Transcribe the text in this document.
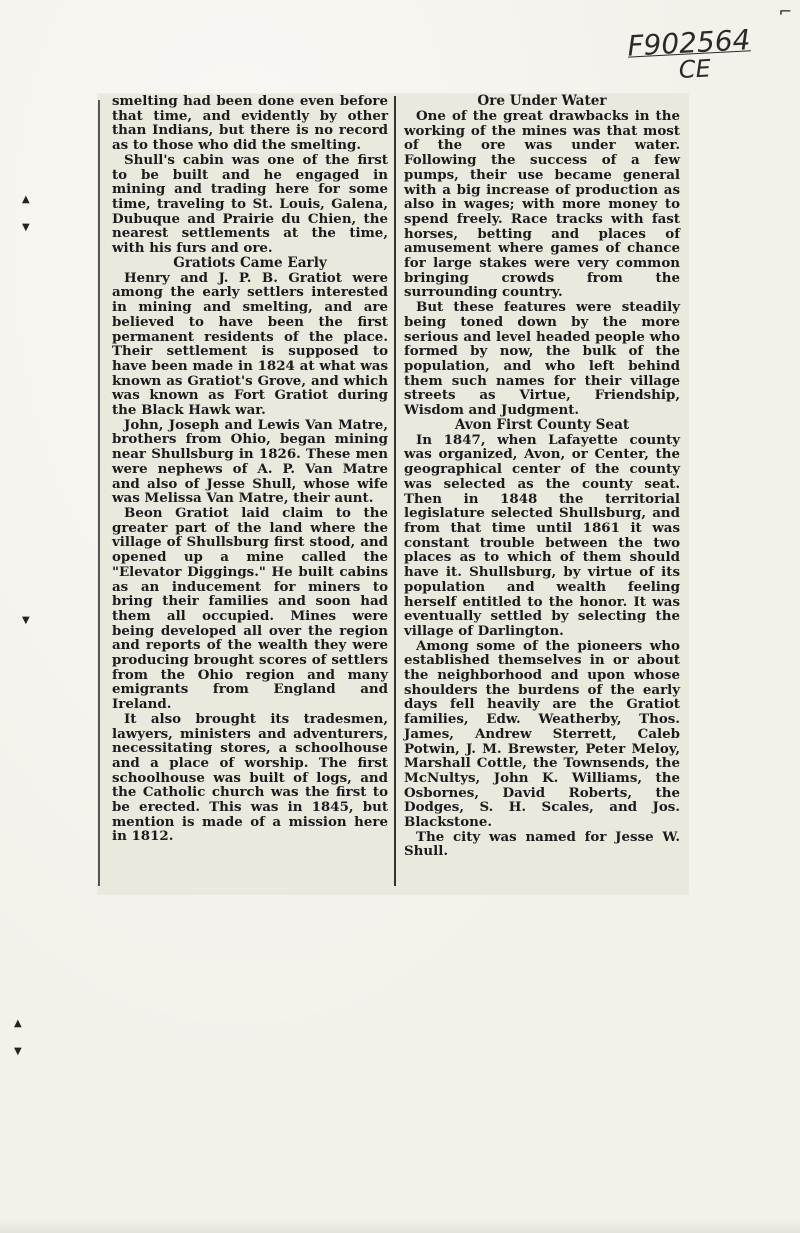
⌐
F902564
CE
▲
▼
▼
▲
▼

smelting had been done even before that time, and evidently by other than Indians, but there is no record as to those who did the smelting.

Shull's cabin was one of the first to be built and he engaged in mining and trading here for some time, traveling to St. Louis, Galena, Dubuque and Prairie du Chien, the nearest settlements at the time, with his furs and ore.

Gratiots Came Early

Henry and J. P. B. Gratiot were among the early settlers interested in mining and smelting, and are believed to have been the first permanent residents of the place. Their settlement is supposed to have been made in 1824 at what was known as Gratiot's Grove, and which was known as Fort Gratiot during the Black Hawk war.

John, Joseph and Lewis Van Matre, brothers from Ohio, began mining near Shullsburg in 1826. These men were nephews of A. P. Van Matre and also of Jesse Shull, whose wife was Melissa Van Matre, their aunt.

Beon Gratiot laid claim to the greater part of the land where the village of Shullsburg first stood, and opened up a mine called the "Elevator Diggings." He built cabins as an inducement for miners to bring their families and soon had them all occupied. Mines were being developed all over the region and reports of the wealth they were producing brought scores of settlers from the Ohio region and many emigrants from England and Ireland.

It also brought its tradesmen, lawyers, ministers and adventurers, necessitating stores, a schoolhouse and a place of worship. The first schoolhouse was built of logs, and the Catholic church was the first to be erected. This was in 1845, but mention is made of a mission here in 1812.

Ore Under Water

One of the great drawbacks in the working of the mines was that most of the ore was under water. Following the success of a few pumps, their use became general with a big increase of production as also in wages; with more money to spend freely. Race tracks with fast horses, betting and places of amusement where games of chance for large stakes were very common bringing crowds from the surrounding country.

But these features were steadily being toned down by the more serious and level headed people who formed by now, the bulk of the population, and who left behind them such names for their village streets as Virtue, Friendship, Wisdom and Judgment.

Avon First County Seat

In 1847, when Lafayette county was organized, Avon, or Center, the geographical center of the county was selected as the county seat. Then in 1848 the territorial legislature selected Shullsburg, and from that time until 1861 it was constant trouble between the two places as to which of them should have it. Shullsburg, by virtue of its population and wealth feeling herself entitled to the honor. It was eventually settled by selecting the village of Darlington.

Among some of the pioneers who established themselves in or about the neighborhood and upon whose shoulders the burdens of the early days fell heavily are the Gratiot families, Edw. Weatherby, Thos. James, Andrew Sterrett, Caleb Potwin, J. M. Brewster, Peter Meloy, Marshall Cottle, the Townsends, the McNultys, John K. Williams, the Osbornes, David Roberts, the Dodges, S. H. Scales, and Jos. Blackstone.

The city was named for Jesse W. Shull.
